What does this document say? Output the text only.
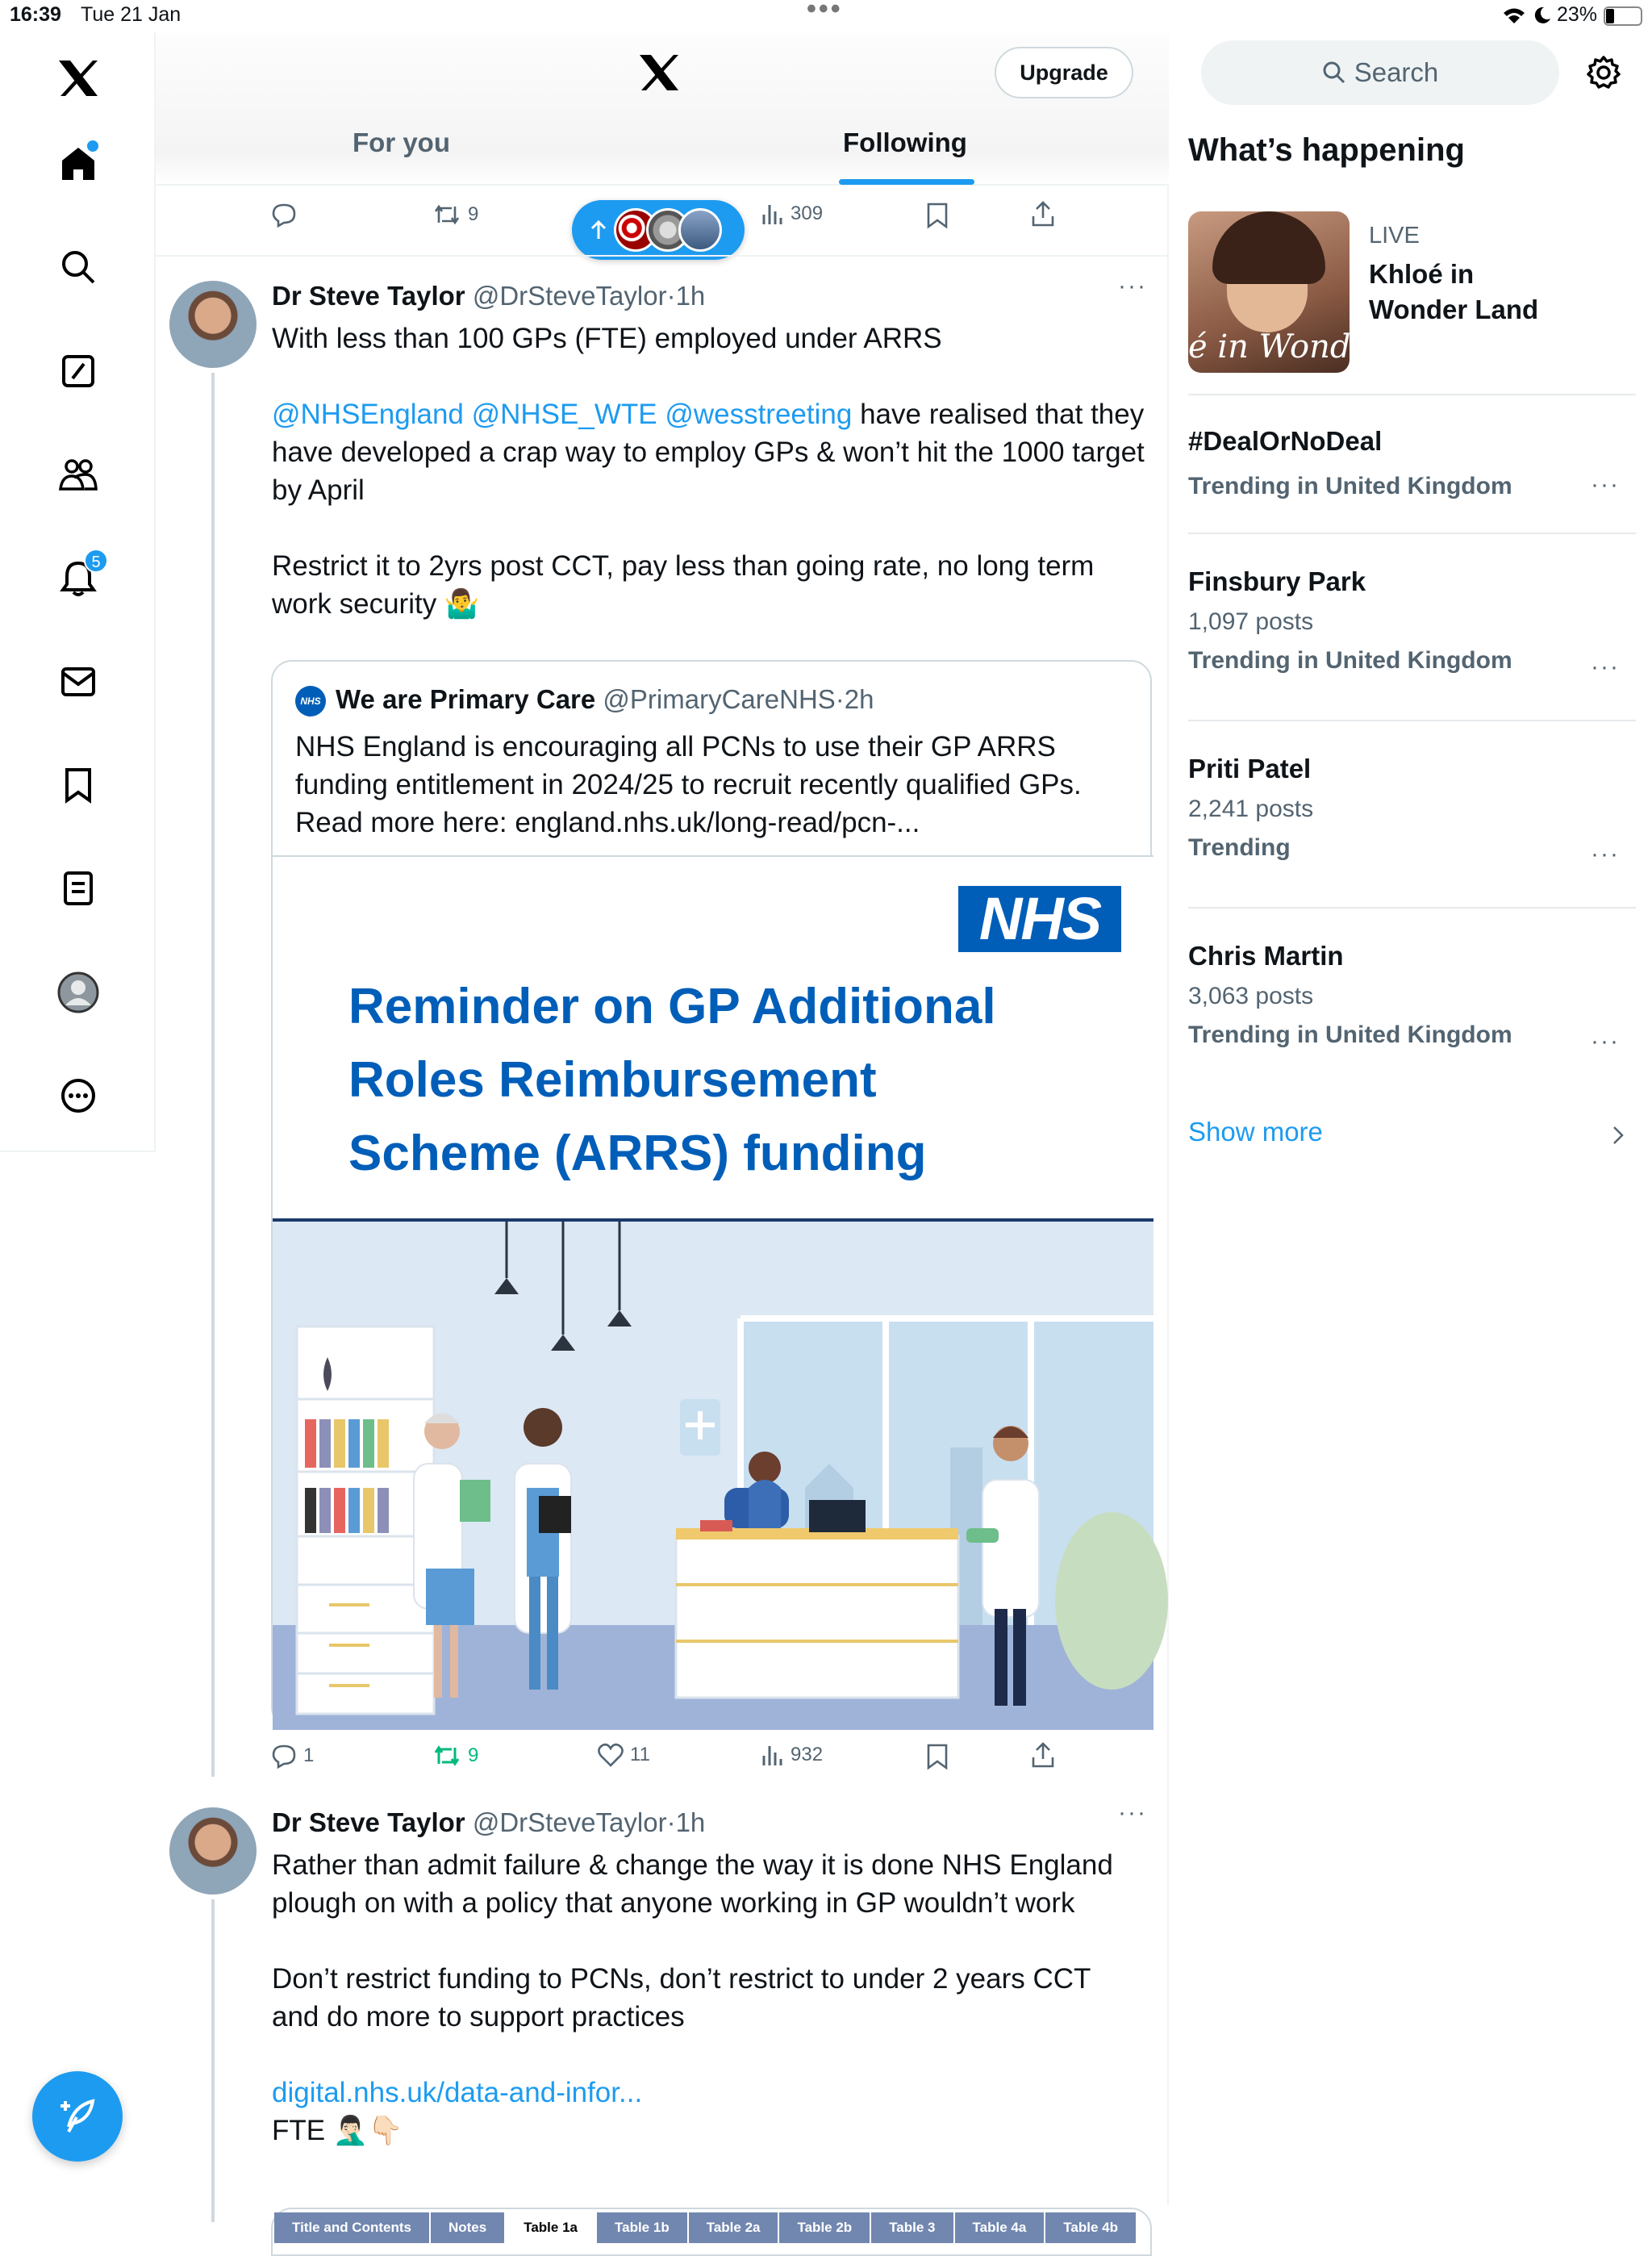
16:39 Tue 21 Jan	•••	23%
5
Upgrade
For you	Following
9	309
Dr Steve Taylor @DrSteveTaylor·1h	···
With less than 100 GPs (FTE) employed under ARRS
@NHSEngland @NHSE_WTE @wesstreeting have realised that they have developed a crap way to employ GPs & won’t hit the 1000 target by April
Restrict it to 2yrs post CCT, pay less than going rate, no long term work security 🤷‍♂️
NHS We are Primary Care @PrimaryCareNHS·2h
NHS England is encouraging all PCNs to use their GP ARRS funding entitlement in 2024/25 to recruit recently qualified GPs.
Read more here: england.nhs.uk/long-read/pcn-...
NHS
Reminder on GP Additional
Roles Reimbursement
Scheme (ARRS) funding
1	9	11	932
Dr Steve Taylor @DrSteveTaylor·1h	···
Rather than admit failure & change the way it is done NHS England plough on with a policy that anyone working in GP wouldn’t work
Don’t restrict funding to PCNs, don’t restrict to under 2 years CCT and do more to support practices
digital.nhs.uk/data-and-infor...
FTE 🤦🏻‍♂️👇🏻
Title and Contents	Notes	Table 1a	Table 1b	Table 2a	Table 2b	Table 3	Table 4a	Table 4b
Search
What’s happening
é in Wonder l
LIVE
Khloé in Wonder Land
#DealOrNoDeal
Trending in United Kingdom	···
Finsbury Park
1,097 posts
Trending in United Kingdom	···
Priti Patel
2,241 posts
Trending	···
Chris Martin
3,063 posts
Trending in United Kingdom	···
Show more
